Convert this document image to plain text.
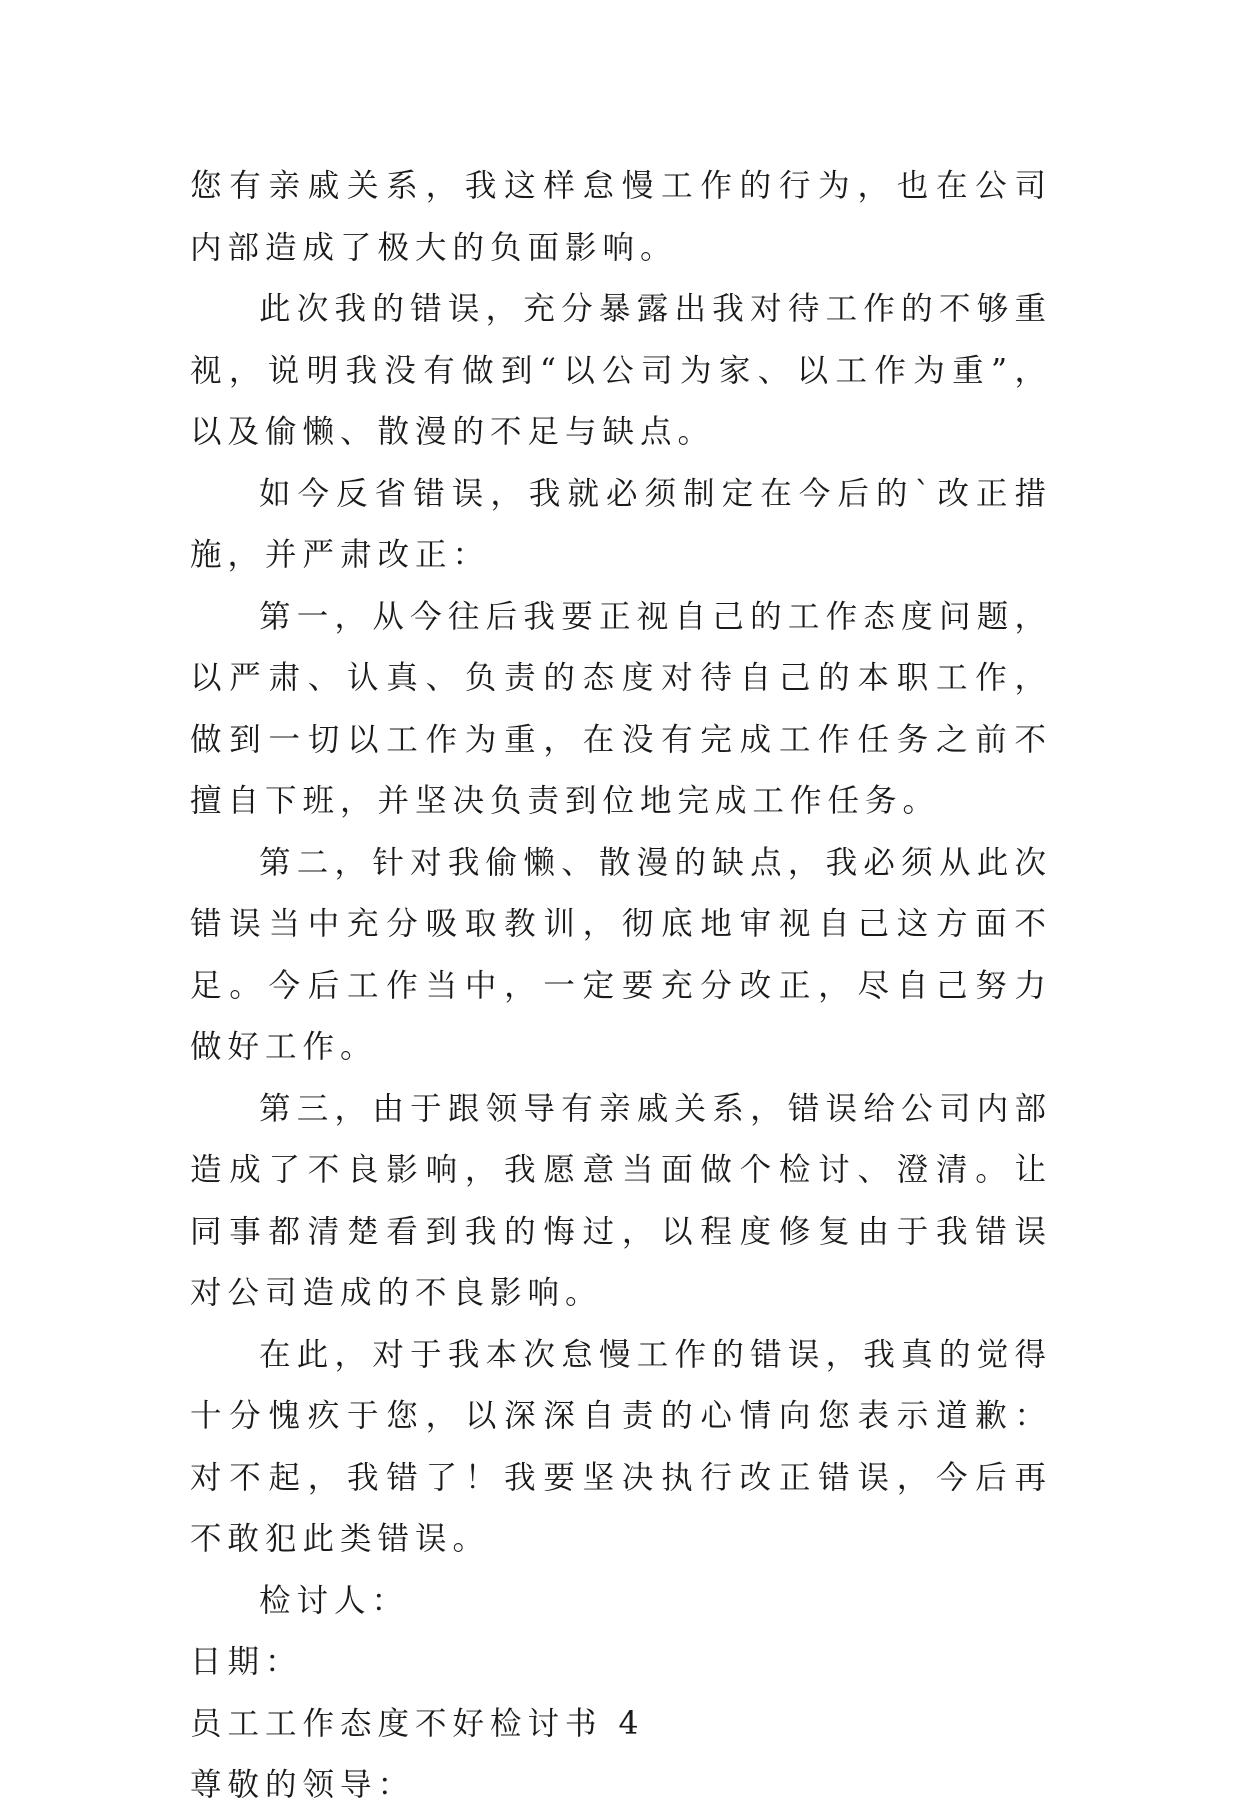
您有亲戚关系，我这样怠慢工作的行为，也在公司内部造成了极大的负面影响。

此次我的错误，充分暴露出我对待工作的不够重视，说明我没有做到“以公司为家、以工作为重”，以及偷懒、散漫的不足与缺点。

如今反省错误，我就必须制定在今后的`改正措施，并严肃改正：

第一，从今往后我要正视自己的工作态度问题，以严肃、认真、负责的态度对待自己的本职工作，做到一切以工作为重，在没有完成工作任务之前不擅自下班，并坚决负责到位地完成工作任务。

第二，针对我偷懒、散漫的缺点，我必须从此次错误当中充分吸取教训，彻底地审视自己这方面不足。今后工作当中，一定要充分改正，尽自己努力做好工作。

第三，由于跟领导有亲戚关系，错误给公司内部造成了不良影响，我愿意当面做个检讨、澄清。让同事都清楚看到我的悔过，以程度修复由于我错误对公司造成的不良影响。

在此，对于我本次怠慢工作的错误，我真的觉得十分愧疚于您，以深深自责的心情向您表示道歉：对不起，我错了！我要坚决执行改正错误，今后再不敢犯此类错误。

检讨人：

日期：

员工工作态度不好检讨书 4

尊敬的领导：
